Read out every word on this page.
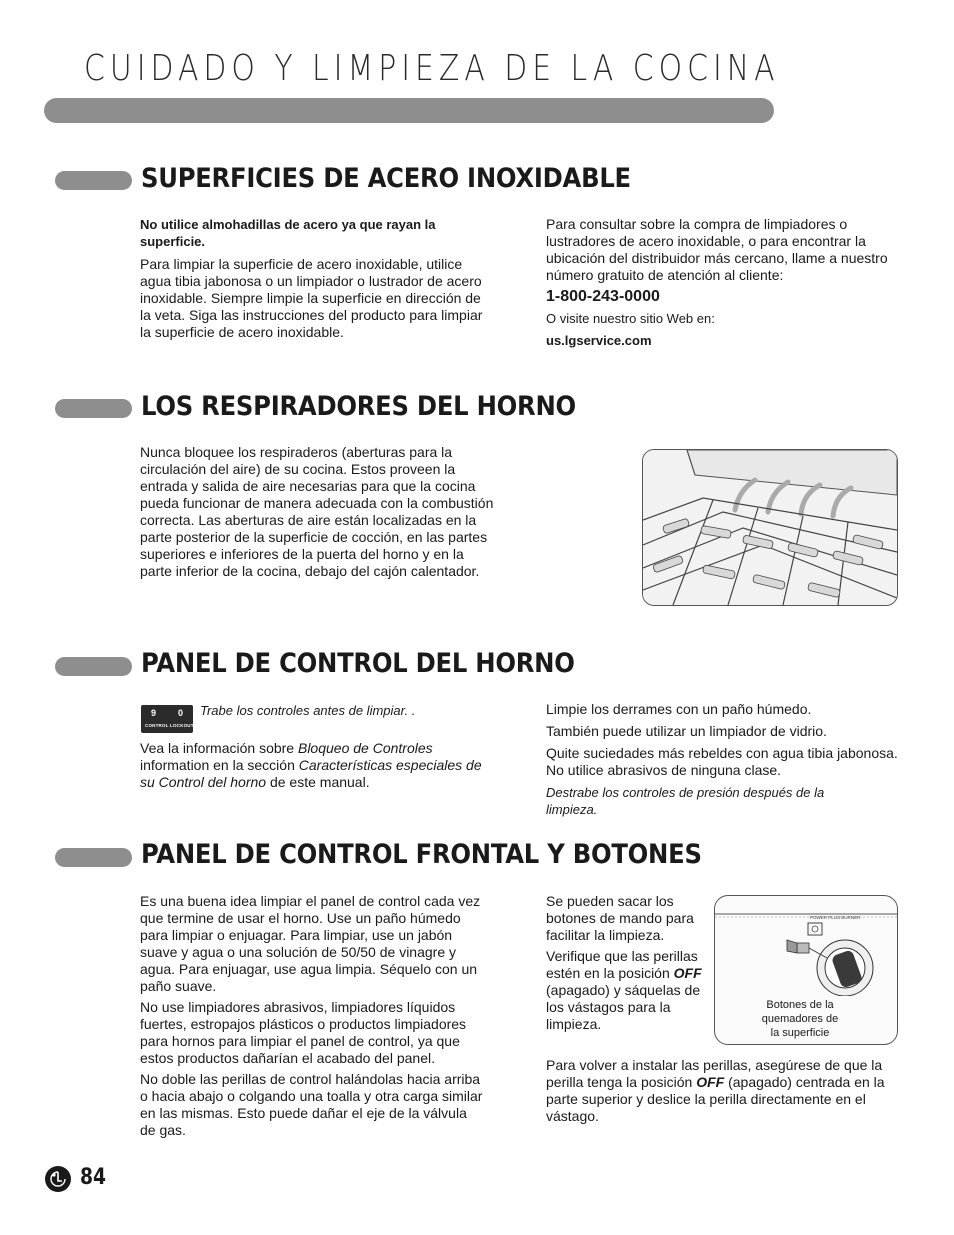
CUIDADO Y LIMPIEZA DE LA COCINA
SUPERFICIES DE ACERO INOXIDABLE

No utilice almohadillas de acero ya que rayan la superficie.

Para limpiar la superficie de acero inoxidable, utilice agua tibia jabonosa o un limpiador o lustrador de acero inoxidable. Siempre limpie la superficie en dirección de la veta. Siga las instrucciones del producto para limpiar la superficie de acero inoxidable.

Para consultar sobre la compra de limpiadores o lustradores de acero inoxidable, o para encontrar la ubicación del distribuidor más cercano, llame a nuestro número gratuito de atención al cliente:

1-800-243-0000

O visite nuestro sitio Web en:

us.lgservice.com

LOS RESPIRADORES DEL HORNO

Nunca bloquee los respiraderos (aberturas para la circulación del aire) de su cocina. Estos proveen la entrada y salida de aire necesarias para que la cocina pueda funcionar de manera adecuada con la combustión correcta. Las aberturas de aire están localizadas en la parte posterior de la superficie de cocción, en las partes superiores e inferiores de la puerta del horno y en la parte inferior de la cocina, debajo del cajón calentador.

PANEL DE CONTROL DEL HORNO
9 0
CONTROL LOCKOUT
Trabe los controles antes de limpiar. .

Vea la información sobre Bloqueo de Controles information en la sección Características especiales de su Control del horno de este manual.

Limpie los derrames con un paño húmedo.

También puede utilizar un limpiador de vidrio.

Quite suciedades más rebeldes con agua tibia jabonosa. No utilice abrasivos de ninguna clase.

Destrabe los controles de presión después de la limpieza.

PANEL DE CONTROL FRONTAL Y BOTONES

Es una buena idea limpiar el panel de control cada vez que termine de usar el horno. Use un paño húmedo para limpiar o enjuagar. Para limpiar, use un jabón suave y agua o una solución de 50/50 de vinagre y agua. Para enjuagar, use agua limpia. Séquelo con un paño suave.

No use limpiadores abrasivos, limpiadores líquidos fuertes, estropajos plásticos o productos limpiadores para hornos para limpiar el panel de control, ya que estos productos dañarían el acabado del panel.

No doble las perillas de control halándolas hacia arriba o hacia abajo o colgando una toalla y otra carga similar en las mismas. Esto puede dañar el eje de la válvula de gas.

Se pueden sacar los botones de mando para facilitar la limpieza.

Verifique que las perillas estén en la posición OFF (apagado) y sáquelas de los vástagos para la limpieza.

Para volver a instalar las perillas, asegúrese de que la perilla tenga la posición OFF (apagado) centrada en la parte superior y deslice la perilla directamente en el vástago.

POWER PLUS BURNER
Botones de la
quemadores de
la superficie
84
